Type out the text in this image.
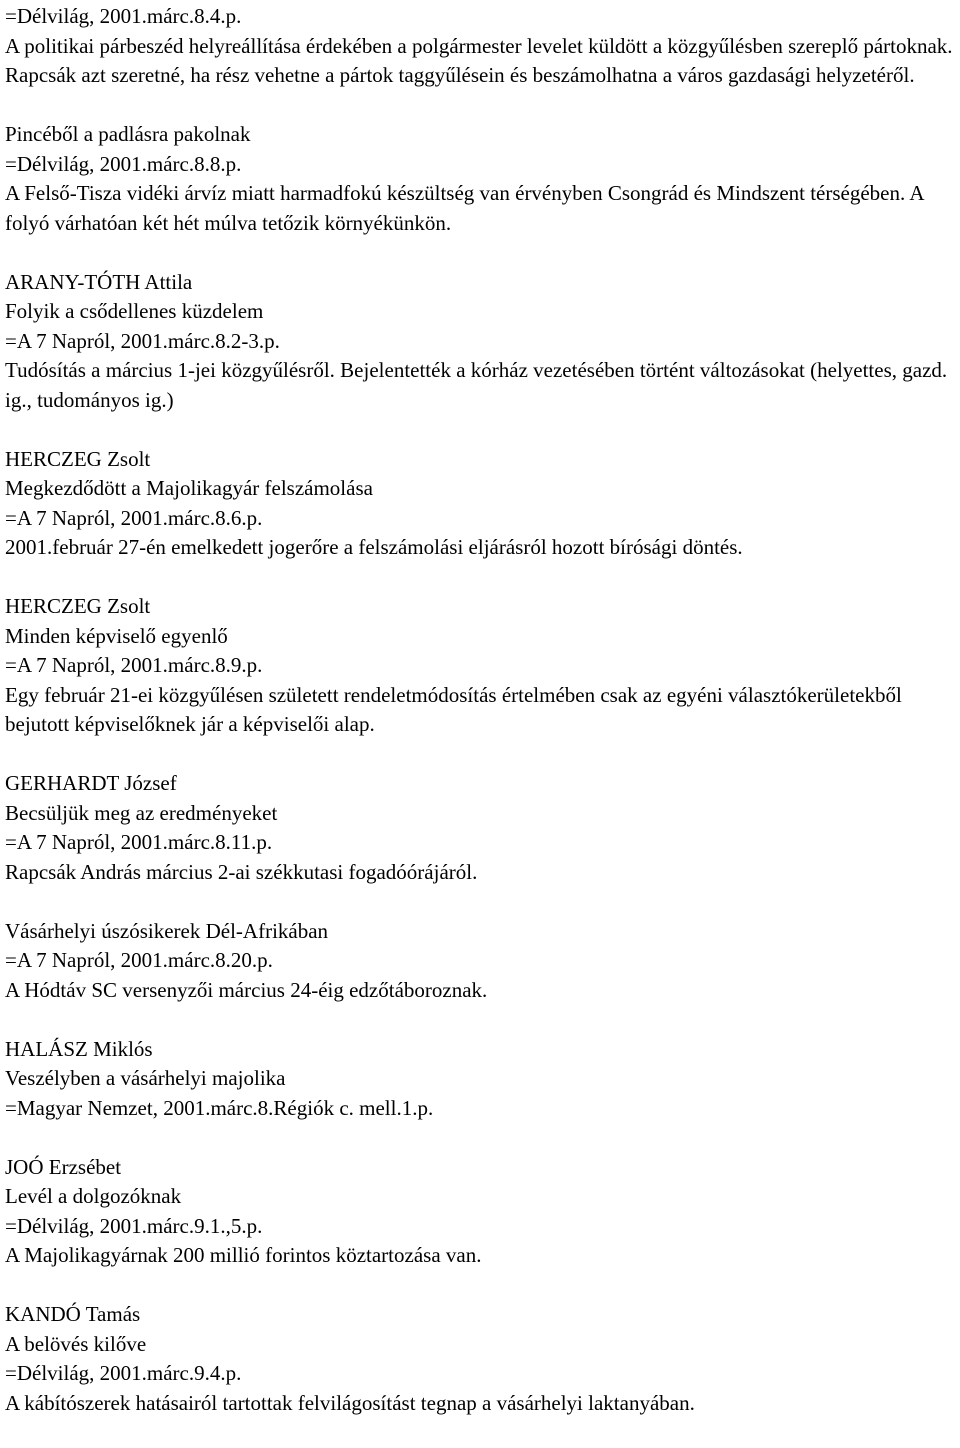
=Délvilág, 2001.márc.8.4.p.
A politikai párbeszéd helyreállítása érdekében a polgármester levelet küldött a közgyűlésben szereplő pártoknak. Rapcsák azt szeretné, ha rész vehetne a pártok taggyűlésein és beszámolhatna a város gazdasági helyzetéről.
Pincéből a padlásra pakolnak
=Délvilág, 2001.márc.8.8.p.
A Felső-Tisza vidéki árvíz miatt harmadfokú készültség van érvényben Csongrád és Mindszent térségében. A folyó várhatóan két hét múlva tetőzik környékünkön.
ARANY-TÓTH Attila
Folyik a csődellenes küzdelem
=A 7 Napról, 2001.márc.8.2-3.p.
Tudósítás a március 1-jei közgyűlésről. Bejelentették a kórház vezetésében történt változásokat (helyettes, gazd. ig., tudományos ig.)
HERCZEG Zsolt
Megkezdődött a Majolikagyár felszámolása
=A 7 Napról, 2001.márc.8.6.p.
2001.február 27-én emelkedett jogerőre a felszámolási eljárásról hozott bírósági döntés.
HERCZEG Zsolt
Minden képviselő egyenlő
=A 7 Napról, 2001.márc.8.9.p.
Egy február 21-ei közgyűlésen született rendeletmódosítás értelmében csak az egyéni választókerületekből bejutott képviselőknek jár a képviselői alap.
GERHARDT József
Becsüljük meg az eredményeket
=A 7 Napról, 2001.márc.8.11.p.
Rapcsák András március 2-ai székkutasi fogadóórájáról.
Vásárhelyi úszósikerek Dél-Afrikában
=A 7 Napról, 2001.márc.8.20.p.
A Hódtáv SC versenyzői március 24-éig edzőtáboroznak.
HALÁSZ Miklós
Veszélyben a vásárhelyi majolika
=Magyar Nemzet, 2001.márc.8.Régiók c. mell.1.p.
JOÓ Erzsébet
Levél a dolgozóknak
=Délvilág, 2001.márc.9.1.,5.p.
A Majolikagyárnak 200 millió forintos köztartozása van.
KANDÓ Tamás
A belövés kilőve
=Délvilág, 2001.márc.9.4.p.
A kábítószerek hatásairól tartottak felvilágosítást tegnap a vásárhelyi laktanyában.
